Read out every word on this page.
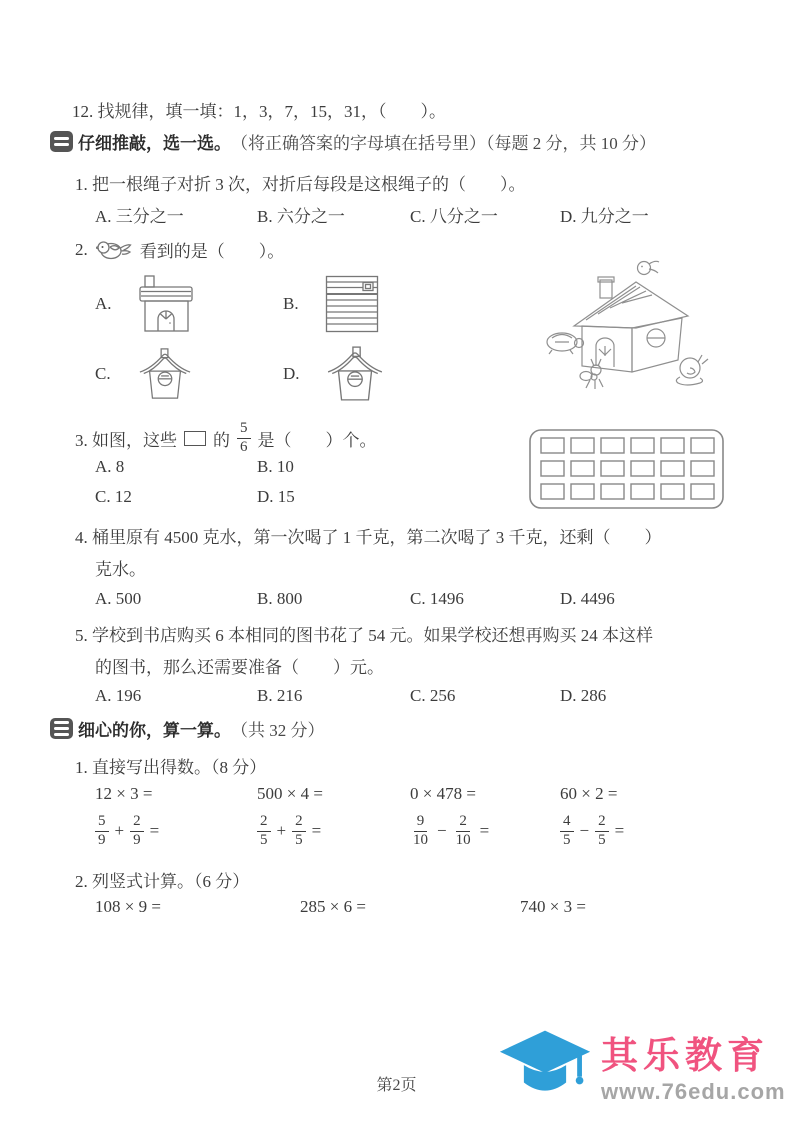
12. 找规律，填一填：1，3，7，15，31，（　　）。
仔细推敲，选一选。 （将正确答案的字母填在括号里）（每题 2 分，共 10 分）
1. 把一根绳子对折 3 次，对折后每段是这根绳子的（　　）。
A. 三分之一	B. 六分之一	C. 八分之一	D. 九分之一
2.	看到的是（　　）。
A.	B.
C.	D.
3. 如图，这些 的 $\frac{5}{6}$ 是（　　）个。
A. 8	B. 10
C. 12	D. 15
4. 桶里原有 4500 克水，第一次喝了 1 千克，第二次喝了 3 千克，还剩（　　）
克水。
A. 500	B. 800	C. 1496	D. 4496
5. 学校到书店购买 6 本相同的图书花了 54 元。如果学校还想再购买 24 本这样
的图书，那么还需要准备（　　）元。
A. 196	B. 216	C. 256	D. 286
细心的你，算一算。 （共 32 分）
1. 直接写出得数。（8 分）
12 × 3 =	500 × 4 =	0 × 478 =	60 × 2 =
$\frac{5}{9} + \frac{2}{9}$ =	$\frac{2}{5} + \frac{2}{5}$ =	$\frac{9}{10} - \frac{2}{10}$ =	$\frac{4}{5} - \frac{2}{5}$ =
2. 列竖式计算。（6 分）
108 × 9 =	285 × 6 =	740 × 3 =
第2页
其乐教育
www.76edu.com
